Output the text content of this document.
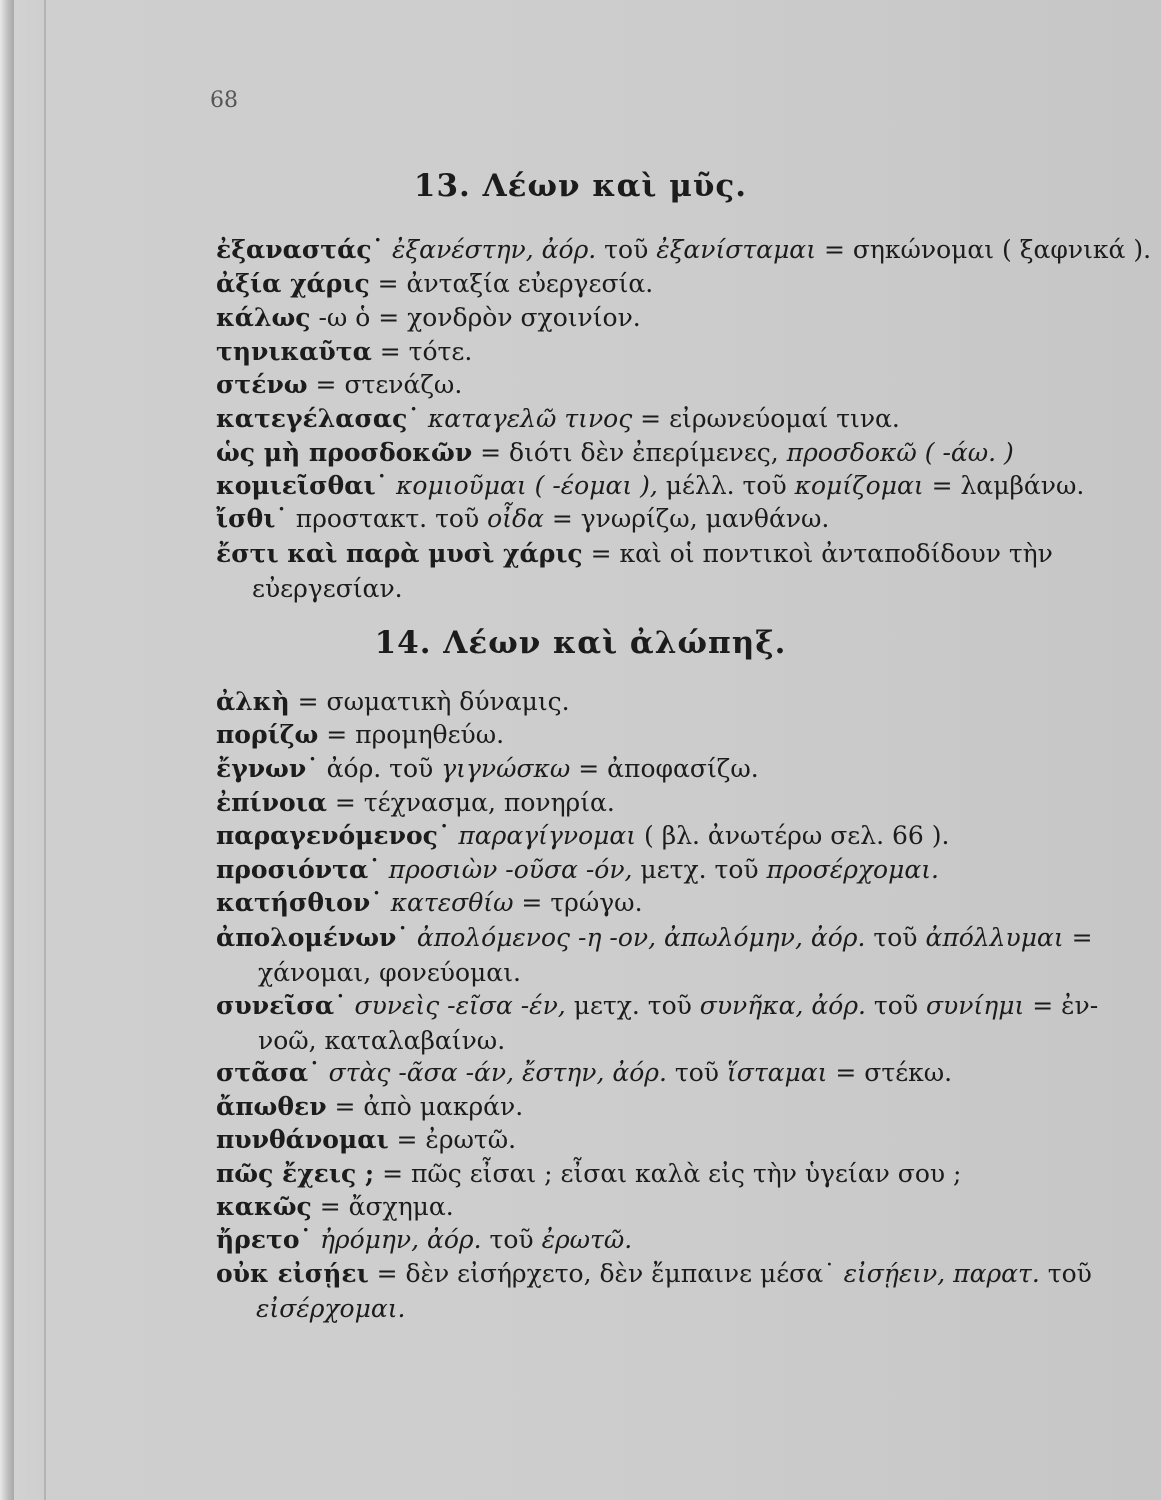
68
13. Λέων καὶ μῦς.
ἐξαναστάς˙ ἐξανέστην, ἀόρ. τοῦ ἐξανίσταμαι = σηκώνομαι ( ξαφνικά ).
ἀξία χάρις = ἀνταξία εὐεργεσία.
κάλως -ω ὁ = χονδρὸν σχοινίον.
τηνικαῦτα = τότε.
στένω = στενάζω.
κατεγέλασας˙ καταγελῶ τινος = εἰρωνεύομαί τινα.
ὡς μὴ προσδοκῶν = διότι δὲν ἐπερίμενες, προσδοκῶ ( -άω. )
κομιεῖσθαι˙ κομιοῦμαι ( -έομαι ), μέλλ. τοῦ κομίζομαι = λαμβάνω.
ἴσθι˙ προστακτ. τοῦ οἶδα = γνωρίζω, μανθάνω.
ἔστι καὶ παρὰ μυσὶ χάρις = καὶ οἱ ποντικοὶ ἀνταποδίδουν τὴν
εὐεργεσίαν.
14. Λέων καὶ ἀλώπηξ.
ἀλκὴ = σωματικὴ δύναμις.
πορίζω = προμηθεύω.
ἔγνων˙ ἀόρ. τοῦ γιγνώσκω = ἀποφασίζω.
ἐπίνοια = τέχνασμα, πονηρία.
παραγενόμενος˙ παραγίγνομαι ( βλ. ἀνωτέρω σελ. 66 ).
προσιόντα˙ προσιὼν -οῦσα -όν, μετχ. τοῦ προσέρχομαι.
κατήσθιον˙ κατεσθίω = τρώγω.
ἀπολομένων˙ ἀπολόμενος -η -ον, ἀπωλόμην, ἀόρ. τοῦ ἀπόλλυμαι =
χάνομαι, φονεύομαι.
συνεῖσα˙ συνεὶς -εῖσα -έν, μετχ. τοῦ συνῆκα, ἀόρ. τοῦ συνίημι = ἐν-
νοῶ, καταλαβαίνω.
στᾶσα˙ στὰς -ᾶσα -άν, ἔστην, ἀόρ. τοῦ ἵσταμαι = στέκω.
ἄπωθεν = ἀπὸ μακράν.
πυνθάνομαι = ἐρωτῶ.
πῶς ἔχεις ; = πῶς εἶσαι ; εἶσαι καλὰ εἰς τὴν ὑγείαν σου ;
κακῶς = ἄσχημα.
ἤρετο˙ ἠρόμην, ἀόρ. τοῦ ἐρωτῶ.
οὐκ εἰσῄει = δὲν εἰσήρχετο, δὲν ἔμπαινε μέσα˙ εἰσῄειν, παρατ. τοῦ
εἰσέρχομαι.
